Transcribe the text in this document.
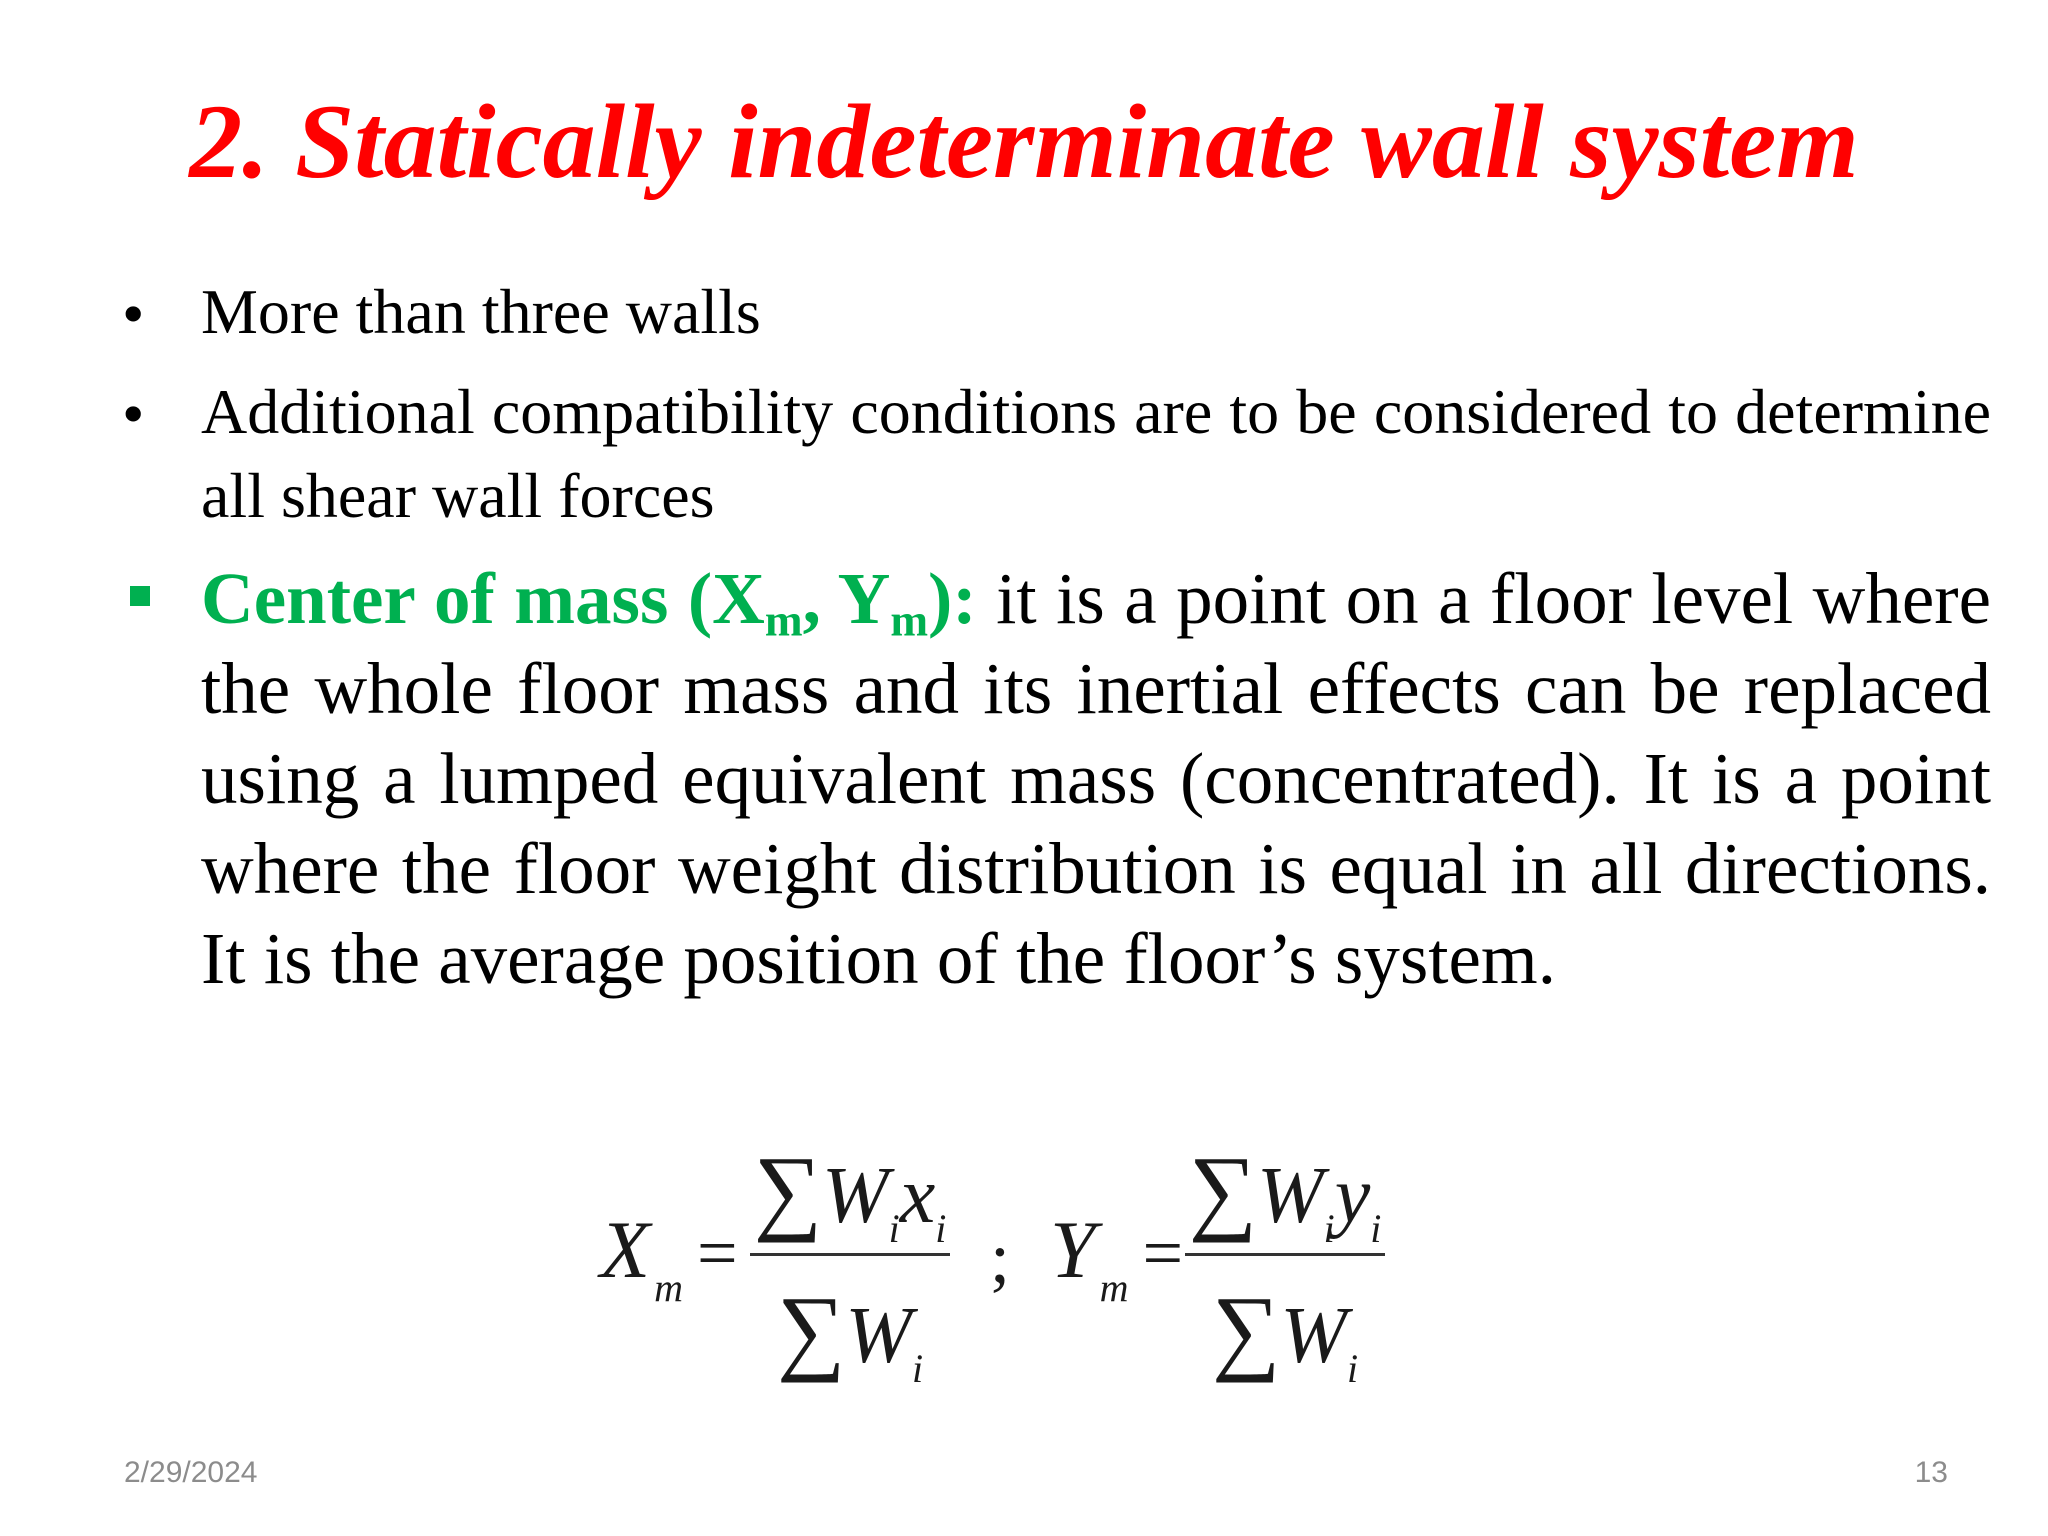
2. Statically indeterminate wall system
• More than three walls
• Additional compatibility conditions are to be considered to determine all shear wall forces
Center of mass ($X_m$, $Y_m$): it is a point on a floor level where the whole floor mass and its inertial effects can be replaced using a lumped equivalent mass (concentrated). It is a point where the floor weight distribution is equal in all directions. It is the average position of the floor’s system.
X $_m$ =
$\sum W_ix_i$
$\sum W_i$
; Y $_m$ =
$\sum W_iy_i$
$\sum W_i$
2/29/2024	13
